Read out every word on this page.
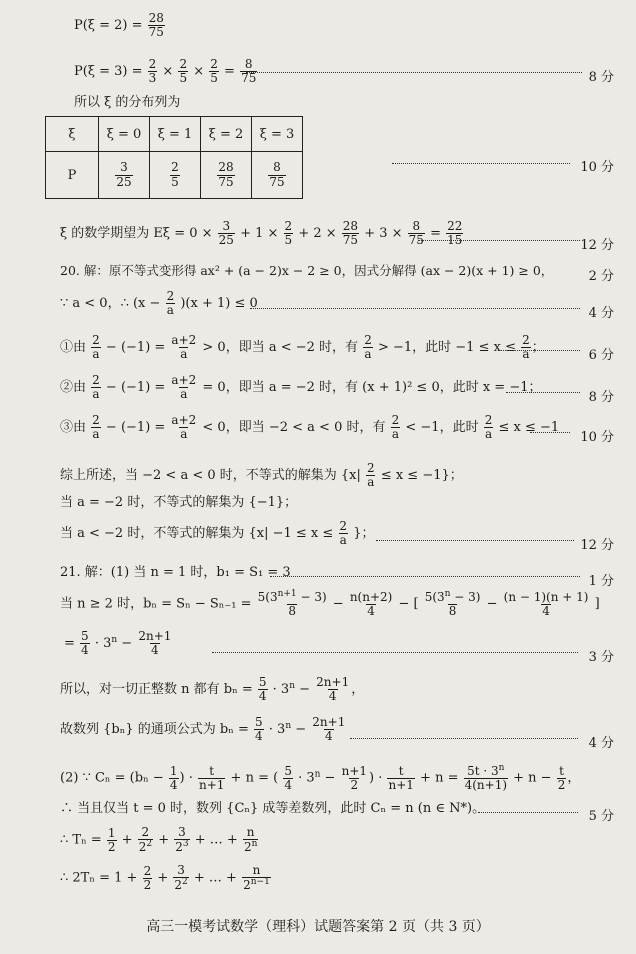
$P(\xi = 2) = \frac{28}{75}$
$P(\xi = 3) = \frac{2}{3} \times \frac{2}{5} \times \frac{2}{5} = \frac{8}{75}$	8 分
所以 ξ 的分布列为
ξ	ξ = 0	ξ = 1	ξ = 2	ξ = 3
P	$\frac{3}{25}$	$\frac{2}{5}$	$\frac{28}{75}$	$\frac{8}{75}$	10 分
ξ 的数学期望为 $E\xi = 0 \times \frac{3}{25} + 1 \times \frac{2}{5} + 2 \times \frac{28}{75} + 3 \times \frac{8}{75} = \frac{22}{15}$	12 分
20. 解：原不等式变形得 ax² + (a − 2)x − 2 ≥ 0，因式分解得 (ax − 2)(x + 1) ≥ 0，	2 分
∵ a < 0，∴ $(x - \frac{2}{a} )(x + 1) \le 0$
4 分
①由 $\frac{2}{a} - (-1) = \frac{a+2}{a} > 0$，即当 a < −2 时，有 $\frac{2}{a} > -1$，此时 $-1 \le x \le \frac{2}{a}$ ；
6 分
②由 $\frac{2}{a} - (-1) = \frac{a+2}{a} = 0$，即当 a = −2 时，有 (x + 1)² ≤ 0，此时 x = −1；
8 分
③由 $\frac{2}{a} - (-1) = \frac{a+2}{a} < 0$，即当 −2 < a < 0 时，有 $\frac{2}{a} < -1$，此时 $\frac{2}{a} \le x \le -1$
10 分
综上所述，当 −2 < a < 0 时，不等式的解集为 $\{x| \frac{2}{a} \le x \le -1\}$；
当 a = −2 时，不等式的解集为 {−1}；
当 a < −2 时，不等式的解集为 {$x| -1 \le x \le \frac{2}{a}$ }；
12 分
21. 解：(1) 当 n = 1 时，b₁ = S₁ = 3
1 分
当 n ≥ 2 时，$b_n = S_n - S_{n-1} = \frac{5(3^{n+1} - 3)}{8} - \frac{n(n+2)}{4}$ − [ $\frac{5(3^n - 3)}{8} - \frac{(n - 1)(n + 1)}{4}$ ]
= $\frac{5}{4} \cdot 3^n - \frac{2n+1}{4}$
3 分
所以，对一切正整数 n 都有 $b_n = \frac{5}{4} \cdot 3^n - \frac{2n+1}{4}$ ，
故数列 {bₙ} 的通项公式为 $b_n = \frac{5}{4} \cdot 3^n - \frac{2n+1}{4}$
4 分
(2) ∵ $C_n = (b_n - \frac{1}{4}$ ) · $\frac{t}{n+1} + n$ = ( $\frac{5}{4} \cdot 3^n - \frac{n+1}{2}$ ) · $\frac{t}{n+1} + n = \frac{5t \cdot 3^n}{4(n+1)} + n - \frac{t}{2}$ ，
∴ 当且仅当 t = 0 时，数列 {Cₙ} 成等差数列，此时 Cₙ = n (n ∈ N*)。
5 分
∴ $T_n = \frac{1}{2} + \frac{2}{2^2} + \frac{3}{2^3}$ + … + $\frac{n}{2^n}$
∴ $2T_n = 1 + \frac{2}{2} + \frac{3}{2^2}$ + … + $\frac{n}{2^{n-1}}$
高三一模考试数学（理科）试题答案第 2 页（共 3 页）
